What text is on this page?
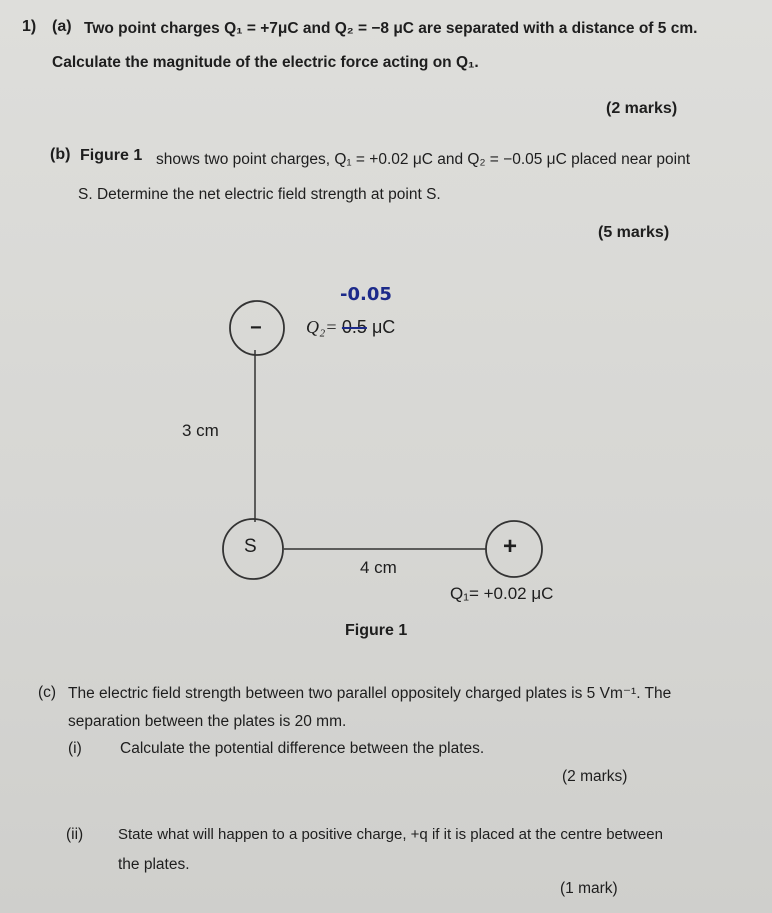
1) (a) Two point charges Q₁ = +7μC and Q₂ = −8 μC are separated with a distance of 5 cm.
Calculate the magnitude of the electric force acting on Q₁.
(2 marks)
(b) Figure 1 shows two point charges, Q₁ = +0.02 μC and Q₂ = −0.05 μC placed near point
S. Determine the net electric field strength at point S.
(5 marks)
−
S	+
-0.05
Q₂= 0.5 μC
3 cm
4 cm
Q₁= +0.02 μC
Figure 1
(c) The electric field strength between two parallel oppositely charged plates is 5 Vm⁻¹. The
separation between the plates is 20 mm.
(i) Calculate the potential difference between the plates.
(2 marks)
(ii) State what will happen to a positive charge, +q if it is placed at the centre between
the plates.
(1 mark)
